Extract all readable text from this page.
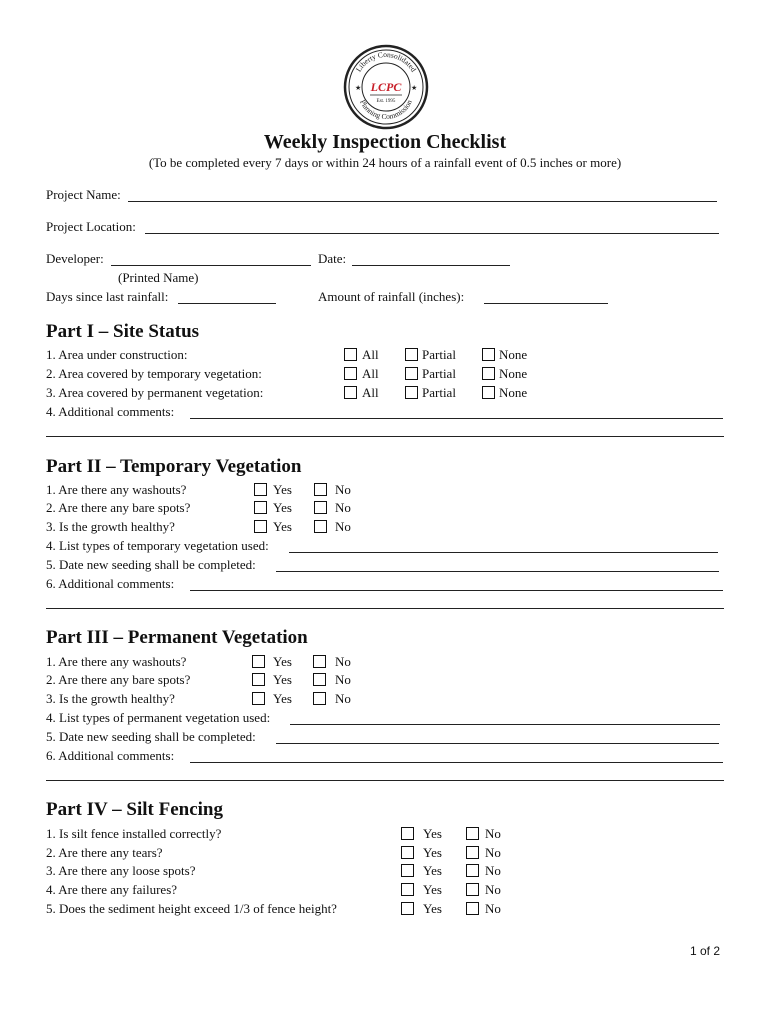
Liberty Consolidated
Planning Commission
★	★
LCPC
Est. 1995
Weekly Inspection Checklist
(To be completed every 7 days or within 24 hours of a rainfall event of 0.5 inches or more)
Project Name:
Project Location:
Developer:	Date:
(Printed Name)
Days since last rainfall:	Amount of rainfall (inches):
Part I – Site Status
1. Area under construction:	All	Partial	None
2. Area covered by temporary vegetation:	All	Partial	None
3. Area covered by permanent vegetation:	All	Partial	None
4. Additional comments:
Part II – Temporary Vegetation
1. Are there any washouts?	Yes	No
2. Are there any bare spots?	Yes	No
3. Is the growth healthy?	Yes	No
4. List types of temporary vegetation used:
5. Date new seeding shall be completed:
6. Additional comments:
Part III – Permanent Vegetation
1. Are there any washouts?	Yes	No
2. Are there any bare spots?	Yes	No
3. Is the growth healthy?	Yes	No
4. List types of permanent vegetation used:
5. Date new seeding shall be completed:
6. Additional comments:
Part IV – Silt Fencing
1. Is silt fence installed correctly?	Yes	No
2. Are there any tears?	Yes	No
3. Are there any loose spots?	Yes	No
4. Are there any failures?	Yes	No
5. Does the sediment height exceed 1/3 of fence height?	Yes	No
1 of 2
